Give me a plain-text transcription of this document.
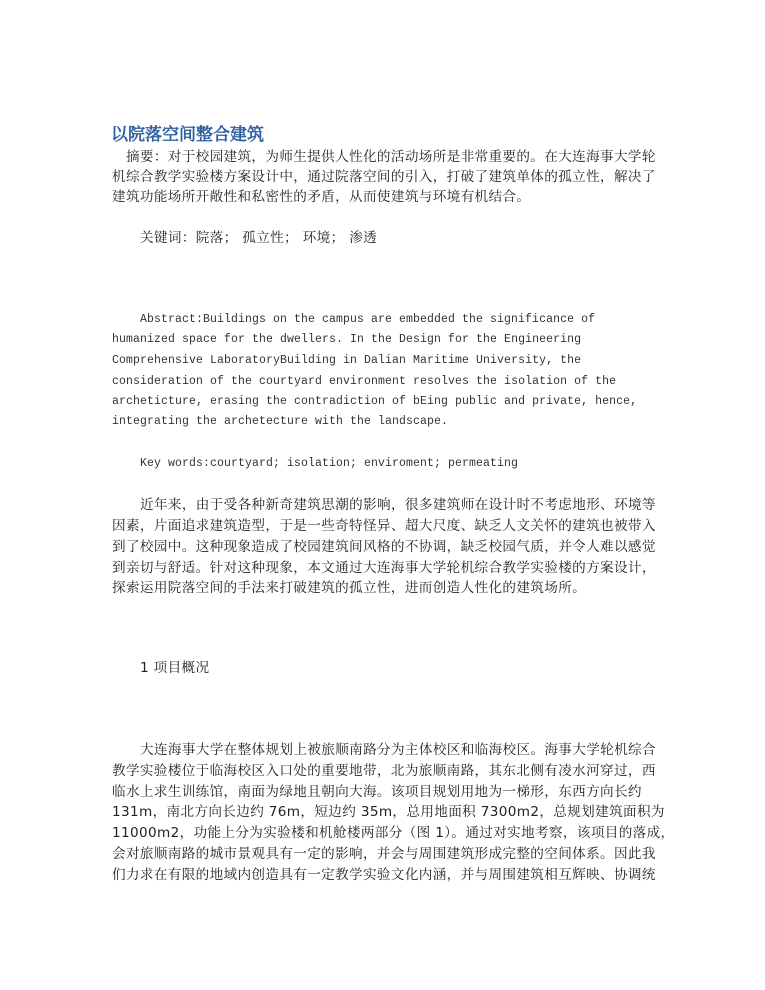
以院落空间整合建筑
　摘要：对于校园建筑，为师生提供人性化的活动场所是非常重要的。在大连海事大学轮
机综合教学实验楼方案设计中，通过院落空间的引入，打破了建筑单体的孤立性，解决了
建筑功能场所开敞性和私密性的矛盾，从而使建筑与环境有机结合。
关键词：院落； 孤立性； 环境； 渗透
Abstract:Buildings on the campus are embedded the significance of
humanized space for the dwellers. In the Design for the Engineering
Comprehensive LaboratoryBuilding in Dalian Maritime University, the
consideration of the courtyard environment resolves the isolation of the
archeticture, erasing the contradiction of bEing public and private, hence,
integrating the archetecture with the landscape.
Key words:courtyard; isolation; enviroment; permeating
近年来，由于受各种新奇建筑思潮的影响，很多建筑师在设计时不考虑地形、环境等
因素，片面追求建筑造型，于是一些奇特怪异、超大尺度、缺乏人文关怀的建筑也被带入
到了校园中。这种现象造成了校园建筑间风格的不协调，缺乏校园气质，并令人难以感觉
到亲切与舒适。针对这种现象，本文通过大连海事大学轮机综合教学实验楼的方案设计，
探索运用院落空间的手法来打破建筑的孤立性，进而创造人性化的建筑场所。
1 项目概况
大连海事大学在整体规划上被旅顺南路分为主体校区和临海校区。海事大学轮机综合
教学实验楼位于临海校区入口处的重要地带，北为旅顺南路，其东北侧有凌水河穿过，西
临水上求生训练馆，南面为绿地且朝向大海。该项目规划用地为一梯形，东西方向长约
131m，南北方向长边约 76m，短边约 35m，总用地面积 7300m2，总规划建筑面积为
11000m2，功能上分为实验楼和机舱楼两部分（图 1）。通过对实地考察，该项目的落成，
会对旅顺南路的城市景观具有一定的影响，并会与周围建筑形成完整的空间体系。因此我
们力求在有限的地域内创造具有一定教学实验文化内涵，并与周围建筑相互辉映、协调统
